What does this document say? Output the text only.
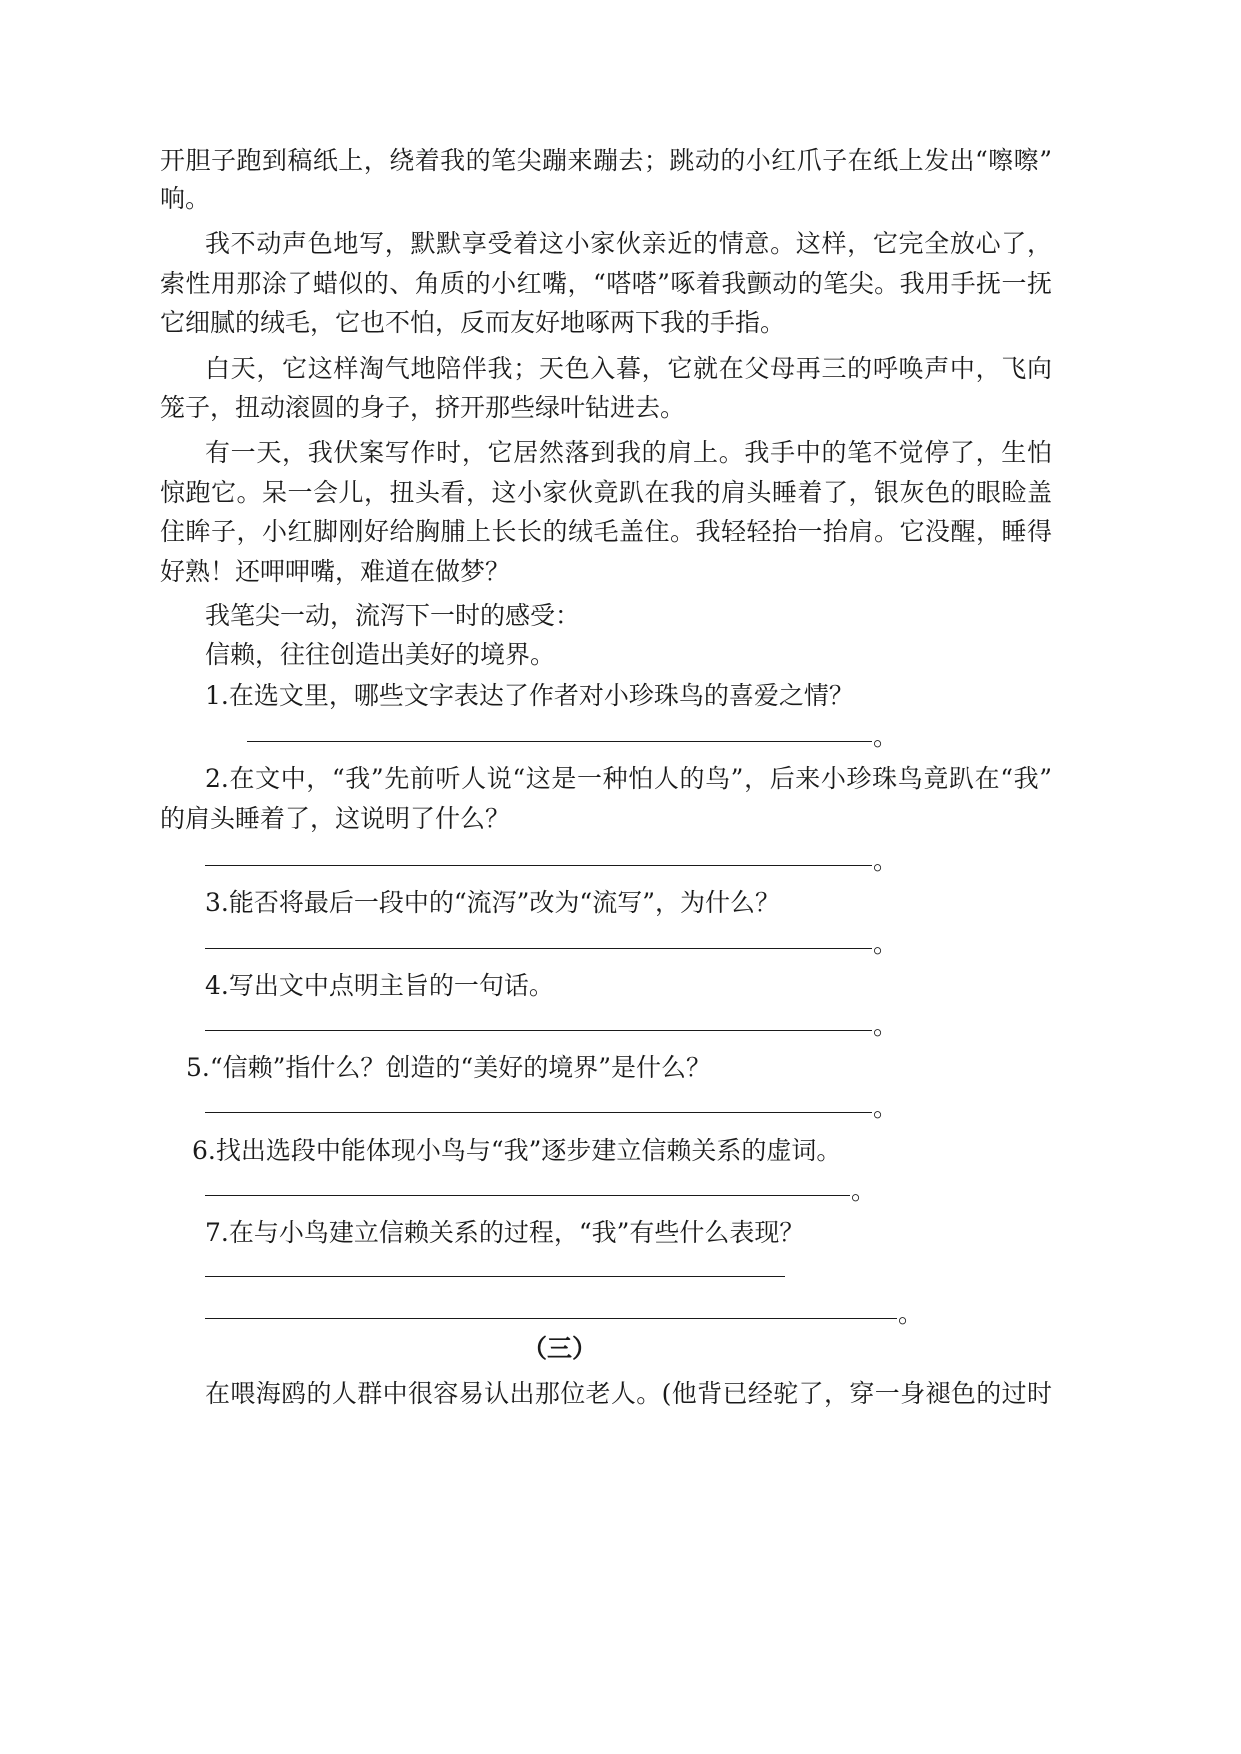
开胆子跑到稿纸上，绕着我的笔尖蹦来蹦去；跳动的小红爪子在纸上发出“嚓嚓”
响。
我不动声色地写，默默享受着这小家伙亲近的情意。这样，它完全放心了，
索性用那涂了蜡似的、角质的小红嘴，“嗒嗒”啄着我颤动的笔尖。我用手抚一抚
它细腻的绒毛，它也不怕，反而友好地啄两下我的手指。
白天，它这样淘气地陪伴我；天色入暮，它就在父母再三的呼唤声中，飞向
笼子，扭动滚圆的身子，挤开那些绿叶钻进去。
有一天，我伏案写作时，它居然落到我的肩上。我手中的笔不觉停了，生怕
惊跑它。呆一会儿，扭头看，这小家伙竟趴在我的肩头睡着了，银灰色的眼睑盖
住眸子，小红脚刚好给胸脯上长长的绒毛盖住。我轻轻抬一抬肩。它没醒，睡得
好熟！还呷呷嘴，难道在做梦？
我笔尖一动，流泻下一时的感受：
信赖，往往创造出美好的境界。
1.在选文里，哪些文字表达了作者对小珍珠鸟的喜爱之情？
。
2.在文中，“我”先前听人说“这是一种怕人的鸟”，后来小珍珠鸟竟趴在“我”
的肩头睡着了，这说明了什么？
。
3.能否将最后一段中的“流泻”改为“流写”，为什么？
。
4.写出文中点明主旨的一句话。
。
5.“信赖”指什么？创造的“美好的境界”是什么？
。
6.找出选段中能体现小鸟与“我”逐步建立信赖关系的虚词。
。
7.在与小鸟建立信赖关系的过程，“我”有些什么表现？
。
（三）
在喂海鸥的人群中很容易认出那位老人。(他背已经驼了，穿一身褪色的过时
